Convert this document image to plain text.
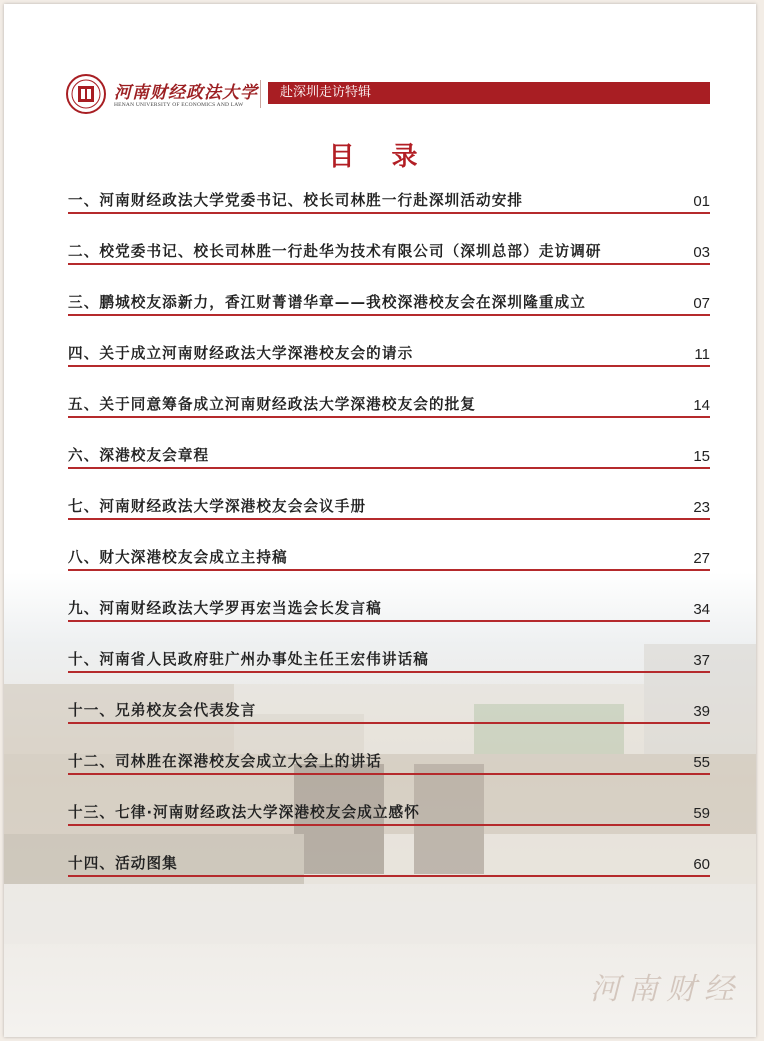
河南财经政法大学
HENAN UNIVERSITY OF ECONOMICS AND LAW
赴深圳走访特辑
目 录
一、河南财经政法大学党委书记、校长司林胜一行赴深圳活动安排	01
二、校党委书记、校长司林胜一行赴华为技术有限公司（深圳总部）走访调研	03
三、鹏城校友添新力，香江财菁谱华章——我校深港校友会在深圳隆重成立	07
四、关于成立河南财经政法大学深港校友会的请示	11
五、关于同意筹备成立河南财经政法大学深港校友会的批复	14
六、深港校友会章程	15
七、河南财经政法大学深港校友会会议手册	23
八、财大深港校友会成立主持稿	27
九、河南财经政法大学罗再宏当选会长发言稿	34
十、河南省人民政府驻广州办事处主任王宏伟讲话稿	37
十一、兄弟校友会代表发言	39
十二、司林胜在深港校友会成立大会上的讲话	55
十三、七律·河南财经政法大学深港校友会成立感怀	59
十四、活动图集	60
河南财经
